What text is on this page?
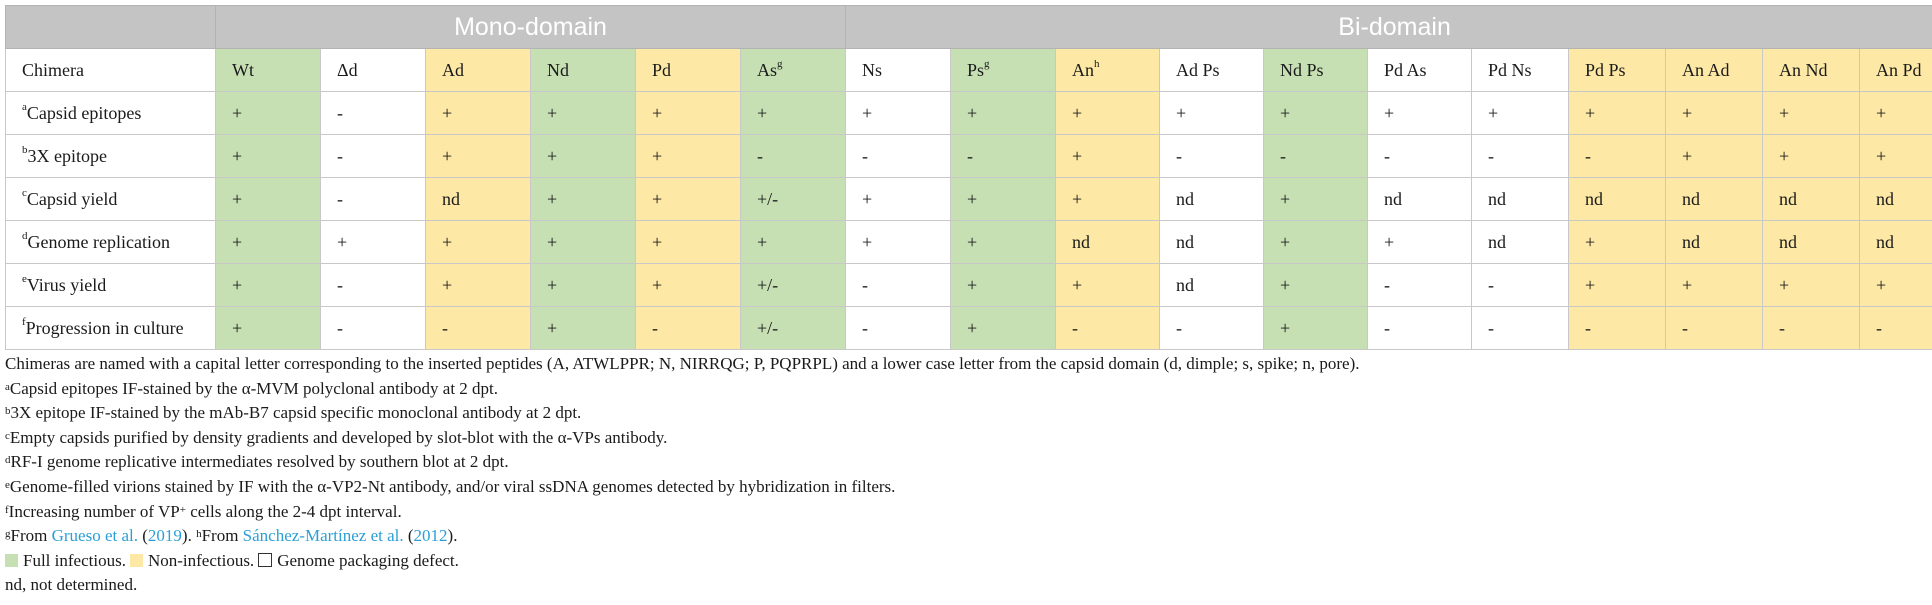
	Mono-domain						Bi-domain										
Chimera	Wt	Δd	Ad	Nd	Pd	As$^g$	Ns	Ps$^g$	An$^h$	Ad Ps	Nd Ps	Pd As	Pd Ns	Pd Ps	An Ad	An Nd	An Pd
$^a$Capsid epitopes	+	-	+	+	+	+	+	+	+	+	+	+	+	+	+	+	+
$^b$3X epitope	+	-	+	+	+	-	-	-	+	-	-	-	-	-	+	+	+
$^c$Capsid yield	+	-	nd	+	+	+/-	+	+	+	nd	+	nd	nd	nd	nd	nd	nd
$^d$Genome replication	+	+	+	+	+	+	+	+	nd	nd	+	+	nd	+	nd	nd	nd
$^e$Virus yield	+	-	+	+	+	+/-	-	+	+	nd	+	-	-	+	+	+	+
$^f$Progression in culture	+	-	-	+	-	+/-	-	+	-	-	+	-	-	-	-	-	-
Chimeras are named with a capital letter corresponding to the inserted peptides (A, ATWLPPR; N, NIRRQG; P, PQPRPL) and a lower case letter from the capsid domain (d, dimple; s, spike; n, pore).
$^a$Capsid epitopes IF-stained by the α-MVM polyclonal antibody at 2 dpt.
$^b$3X epitope IF-stained by the mAb-B7 capsid specific monoclonal antibody at 2 dpt.
$^c$Empty capsids purified by density gradients and developed by slot-blot with the α-VPs antibody.
$^d$RF-I genome replicative intermediates resolved by southern blot at 2 dpt.
$^e$Genome-filled virions stained by IF with the α-VP2-Nt antibody, and/or viral ssDNA genomes detected by hybridization in filters.
$^f$Increasing number of VP+ cells along the 2-4 dpt interval.
$^g$From Grueso et al. (2019). $^h$From Sánchez-Martínez et al. (2012).
Full infectious. Non-infectious. Genome packaging defect.
nd, not determined.
